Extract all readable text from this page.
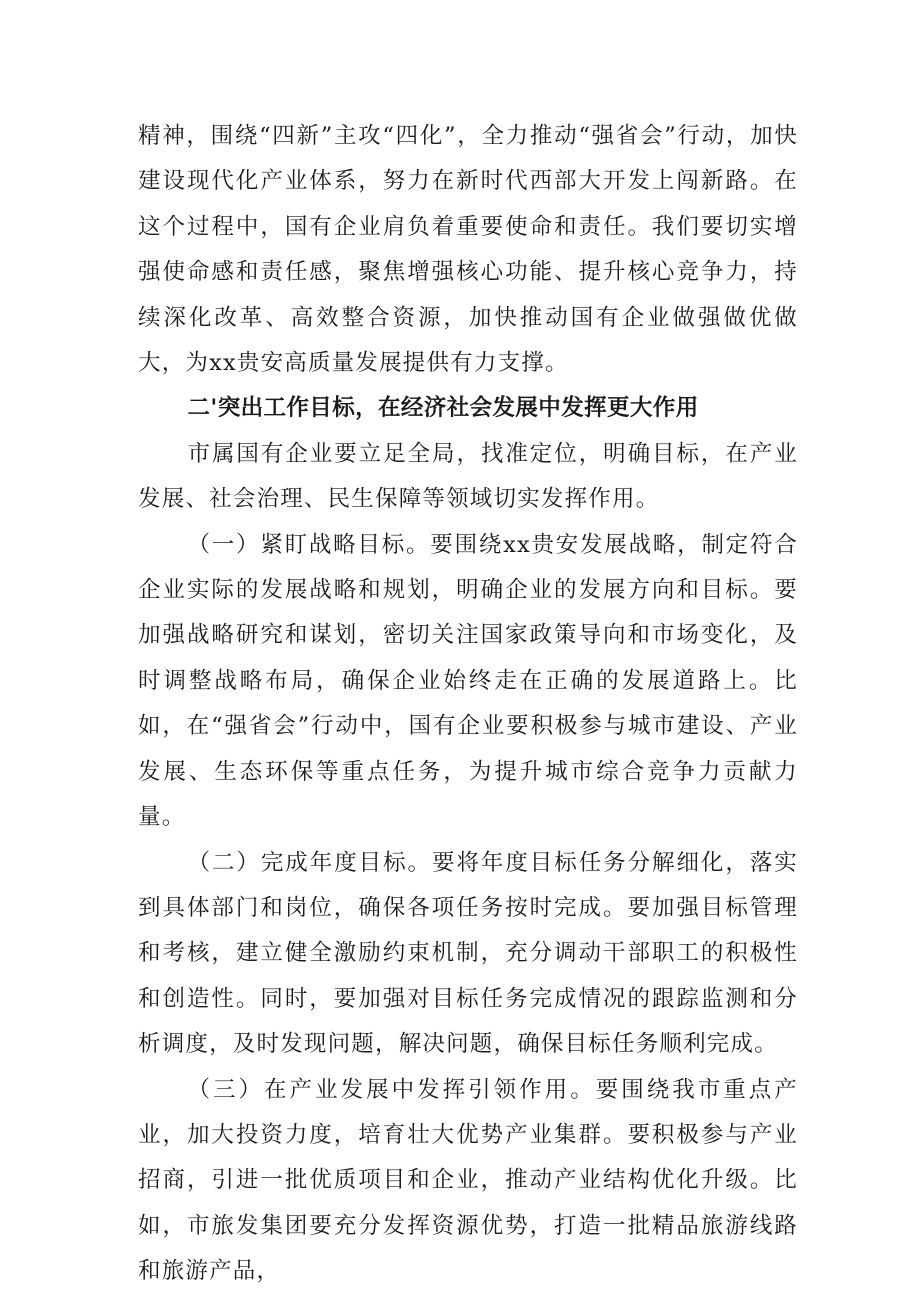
精神，围绕“四新”主攻“四化”，全力推动“强省会”行动，加快建设现代化产业体系，努力在新时代西部大开发上闯新路。在这个过程中，国有企业肩负着重要使命和责任。我们要切实增强使命感和责任感，聚焦增强核心功能、提升核心竞争力，持续深化改革、高效整合资源，加快推动国有企业做强做优做大，为xx贵安高质量发展提供有力支撑。

二'突出工作目标，在经济社会发展中发挥更大作用

市属国有企业要立足全局，找准定位，明确目标，在产业发展、社会治理、民生保障等领域切实发挥作用。

（一）紧盯战略目标。要围绕xx贵安发展战略，制定符合企业实际的发展战略和规划，明确企业的发展方向和目标。要加强战略研究和谋划，密切关注国家政策导向和市场变化，及时调整战略布局，确保企业始终走在正确的发展道路上。比如，在“强省会”行动中，国有企业要积极参与城市建设、产业发展、生态环保等重点任务，为提升城市综合竞争力贡献力量。

（二）完成年度目标。要将年度目标任务分解细化，落实到具体部门和岗位，确保各项任务按时完成。要加强目标管理和考核，建立健全激励约束机制，充分调动干部职工的积极性和创造性。同时，要加强对目标任务完成情况的跟踪监测和分析调度，及时发现问题，解决问题，确保目标任务顺利完成。

（三）在产业发展中发挥引领作用。要围绕我市重点产业，加大投资力度，培育壮大优势产业集群。要积极参与产业招商，引进一批优质项目和企业，推动产业结构优化升级。比如，市旅发集团要充分发挥资源优势，打造一批精品旅游线路和旅游产品，
